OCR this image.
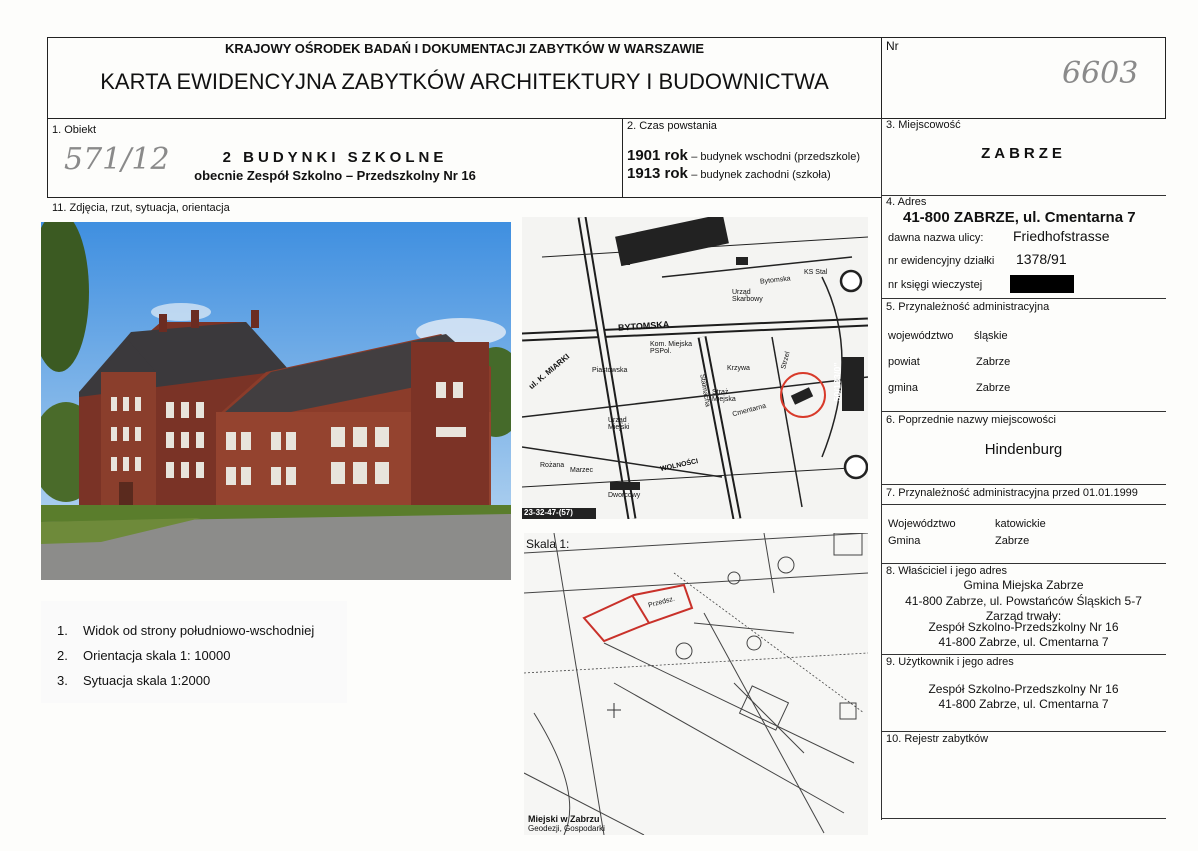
KRAJOWY OŚRODEK BADAŃ I DOKUMENTACJI ZABYTKÓW W WARSZAWIE
KARTA EWIDENCYJNA ZABYTKÓW ARCHITEKTURY I BUDOWNICTWA
Nr
6603
1. Obiekt
571/12	2 BUDYNKI SZKOLNE
obecnie Zespół Szkolno – Przedszkolny Nr 16
2. Czas powstania
1901 rok – budynek wschodni (przedszkole)
1913 rok – budynek zachodni (szkoła)
3. Miejscowość
ZABRZE
4. Adres
41-800 ZABRZE, ul. Cmentarna 7
dawna nazwa ulicy: Friedhofstrasse
nr ewidencyjny działki 1378/91
nr księgi wieczystej
5. Przynależność administracyjna
województwo śląskie
powiat	Zabrze
gmina	Zabrze
6. Poprzednie nazwy miejscowości
Hindenburg
7. Przynależność administracyjna przed 01.01.1999
Województwo	katowickie
Gmina	Zabrze
8. Właściciel i jego adres
Gmina Miejska Zabrze
41-800 Zabrze, ul. Powstańców Śląskich 5-7
Zarząd trwały:
Zespół Szkolno-Przedszkolny Nr 16
41-800 Zabrze, ul. Cmentarna 7
9. Użytkownik i jego adres
Zespół Szkolno-Przedszkolny Nr 16
41-800 Zabrze, ul. Cmentarna 7
10. Rejestr zabytków
11. Zdjęcia, rzut, sytuacja, orientacja
1. Widok od strony południowo-wschodniej
2. Orientacja skala 1: 10000
3. Sytuacja skala 1:2000
BYTOMSKA
ul. K. MIARKI	Piastowska
Strzel
KS Stal
Urząd Skarbowy
Kom. Miejska PSPol.
Urząd Miejski
Straż Miejska
Cmentarna
Dworcowy
WOLNOŚCI
Bytomska
Krzywa
Rożana
Marzec
Stalmacha	50/183/0"
23-32-47-(57)
Skala 1:
Przedsz.
Miejski w Zabrzu
Geodezji, Gospodarki
